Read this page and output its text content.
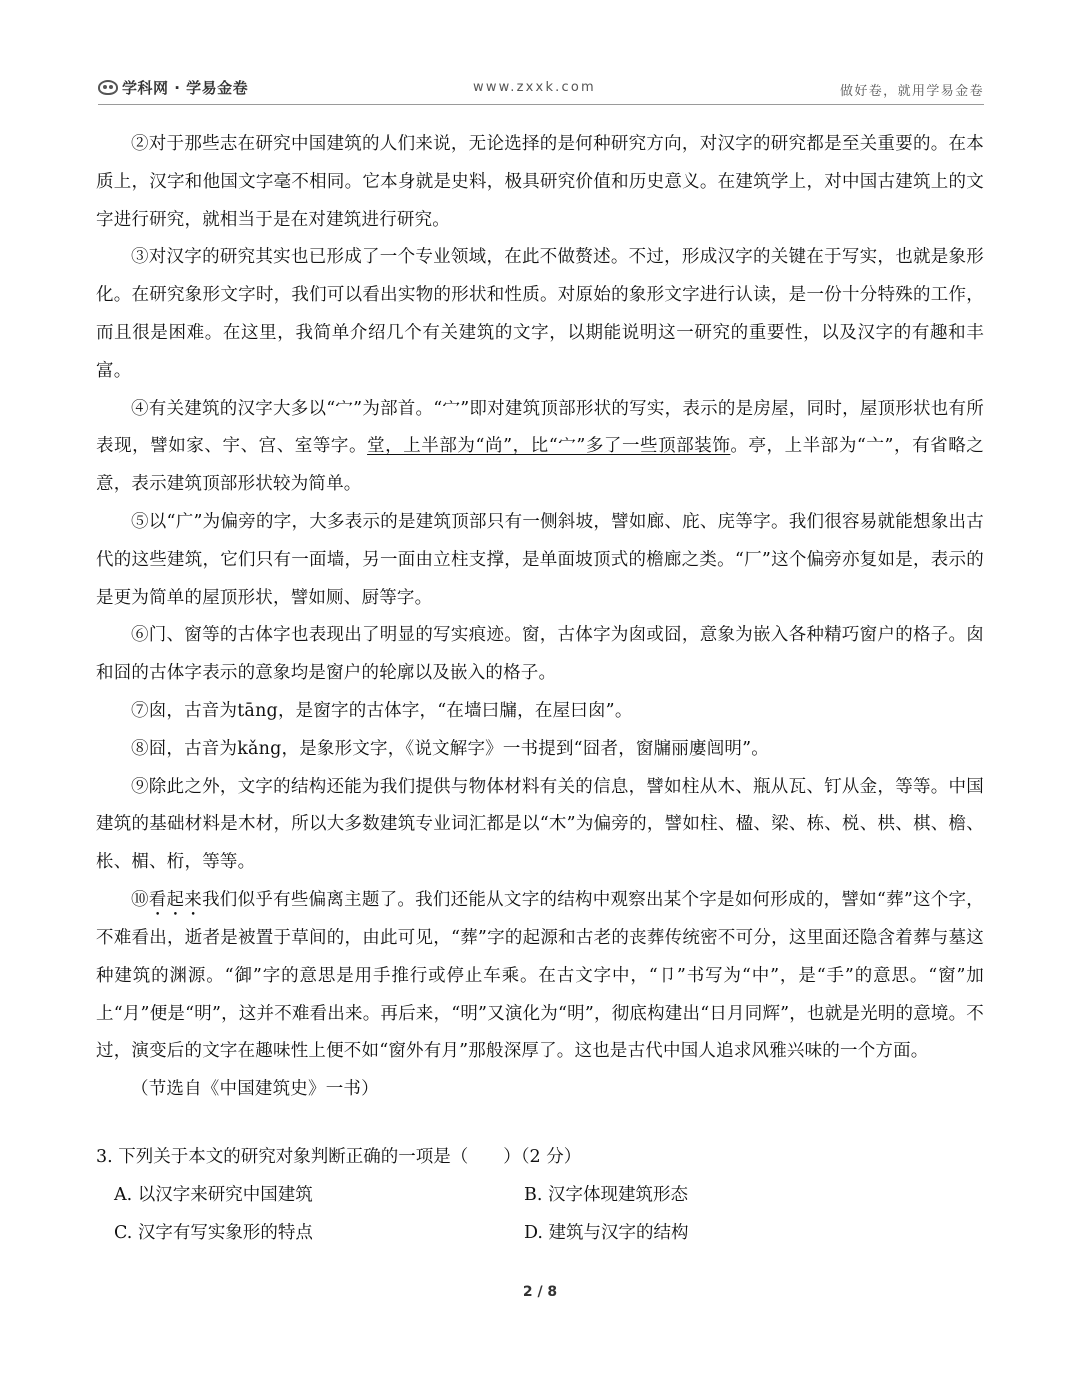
学科网 · 学易金卷	www.zxxk.com	做好卷，就用学易金卷

②对于那些志在研究中国建筑的人们来说，无论选择的是何种研究方向，对汉字的研究都是至关重要的。在本质上，汉字和他国文字毫不相同。它本身就是史料，极具研究价值和历史意义。在建筑学上，对中国古建筑上的文字进行研究，就相当于是在对建筑进行研究。

③对汉字的研究其实也已形成了一个专业领域，在此不做赘述。不过，形成汉字的关键在于写实，也就是象形化。在研究象形文字时，我们可以看出实物的形状和性质。对原始的象形文字进行认读，是一份十分特殊的工作，而且很是困难。在这里，我简单介绍几个有关建筑的文字，以期能说明这一研究的重要性，以及汉字的有趣和丰富。

④有关建筑的汉字大多以“宀”为部首。“宀”即对建筑顶部形状的写实，表示的是房屋，同时，屋顶形状也有所表现，譬如家、宇、宫、室等字。堂，上半部为“尚”，比“宀”多了一些顶部装饰。亭，上半部为“亠”，有省略之意，表示建筑顶部形状较为简单。

⑤以“广”为偏旁的字，大多表示的是建筑顶部只有一侧斜坡，譬如廊、庇、庑等字。我们很容易就能想象出古代的这些建筑，它们只有一面墙，另一面由立柱支撑，是单面坡顶式的檐廊之类。“厂”这个偏旁亦复如是，表示的是更为简单的屋顶形状，譬如厕、厨等字。

⑥门、窗等的古体字也表现出了明显的写实痕迹。窗，古体字为囱或囧，意象为嵌入各种精巧窗户的格子。囱和囧的古体字表示的意象均是窗户的轮廓以及嵌入的格子。

⑦囱，古音为tāng，是窗字的古体字，“在墙曰牖，在屋曰囱”。

⑧囧，古音为kǎng，是象形文字，《说文解字》一书提到“囧者，窗牖丽廔闿明”。

⑨除此之外，文字的结构还能为我们提供与物体材料有关的信息，譬如柱从木、瓶从瓦、钉从金，等等。中国建筑的基础材料是木材，所以大多数建筑专业词汇都是以“木”为偏旁的，譬如柱、楹、梁、栋、棁、栱、棋、檐、枨、楣、桁，等等。

⑩看起来我们似乎有些偏离主题了。我们还能从文字的结构中观察出某个字是如何形成的，譬如“葬”这个字，不难看出，逝者是被置于草间的，由此可见，“葬”字的起源和古老的丧葬传统密不可分，这里面还隐含着葬与墓这种建筑的渊源。“御”字的意思是用手推行或停止车乘。在古文字中，“卩”书写为“中”，是“手”的意思。“窗”加上“月”便是“明”，这并不难看出来。再后来，“明”又演化为“明”，彻底构建出“日月同辉”，也就是光明的意境。不过，演变后的文字在趣味性上便不如“窗外有月”那般深厚了。这也是古代中国人追求风雅兴味的一个方面。

（节选自《中国建筑史》一书）

3. 下列关于本文的研究对象判断正确的一项是（　　）（2 分）

A. 以汉字来研究中国建筑	B. 汉字体现建筑形态
C. 汉字有写实象形的特点	D. 建筑与汉字的结构
2 / 8
